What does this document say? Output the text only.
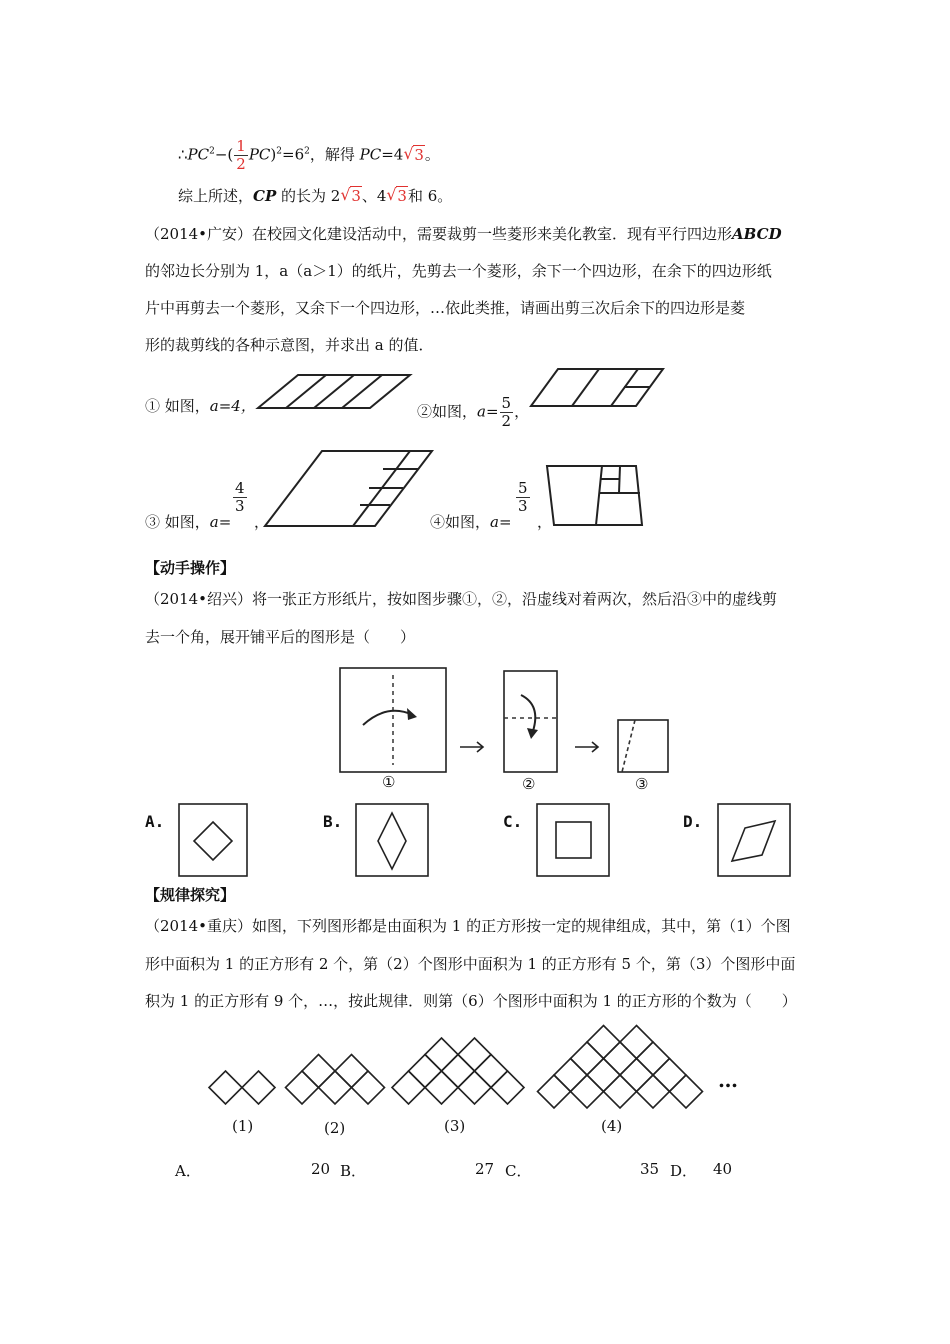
$\therefore PC^2-( \frac{1}{2} PC)^2=6^2$，解得 PC=4 √ 3。
综上所述，CP 的长为 2 √ 3、4 √ 3和 6。
（2014•广安）在校园文化建设活动中，需要裁剪一些菱形来美化教室．现有平行四边形ABCD
的邻边长分别为 1，a（a＞1）的纸片，先剪去一个菱形，余下一个四边形，在余下的四边形纸
片中再剪去一个菱形，又余下一个四边形，…依此类推，请画出剪三次后余下的四边形是菱
形的裁剪线的各种示意图，并求出 a 的值．
① 如图，a=4，	②如图，$a= \frac{5}{2}$ ，
③ 如图，a=
$\frac{4}{3}$
，	④如图，a=
$\frac{5}{3}$
，
【动手操作】
（2014•绍兴）将一张正方形纸片，按如图步骤①，②，沿虚线对着两次，然后沿③中的虚线剪
去一个角，展开铺平后的图形是（　　）
①	②	③
A.	B.	C.	D.
【规律探究】
（2014•重庆）如图，下列图形都是由面积为 1 的正方形按一定的规律组成，其中，第（1）个图
形中面积为 1 的正方形有 2 个，第（2）个图形中面积为 1 的正方形有 5 个，第（3）个图形中面
积为 1 的正方形有 9 个，…，按此规律．则第（6）个图形中面积为 1 的正方形的个数为（　　）
(1)	(2)	(3)	(4)
…
A．	20 B．	27 C．	35 D． 40
